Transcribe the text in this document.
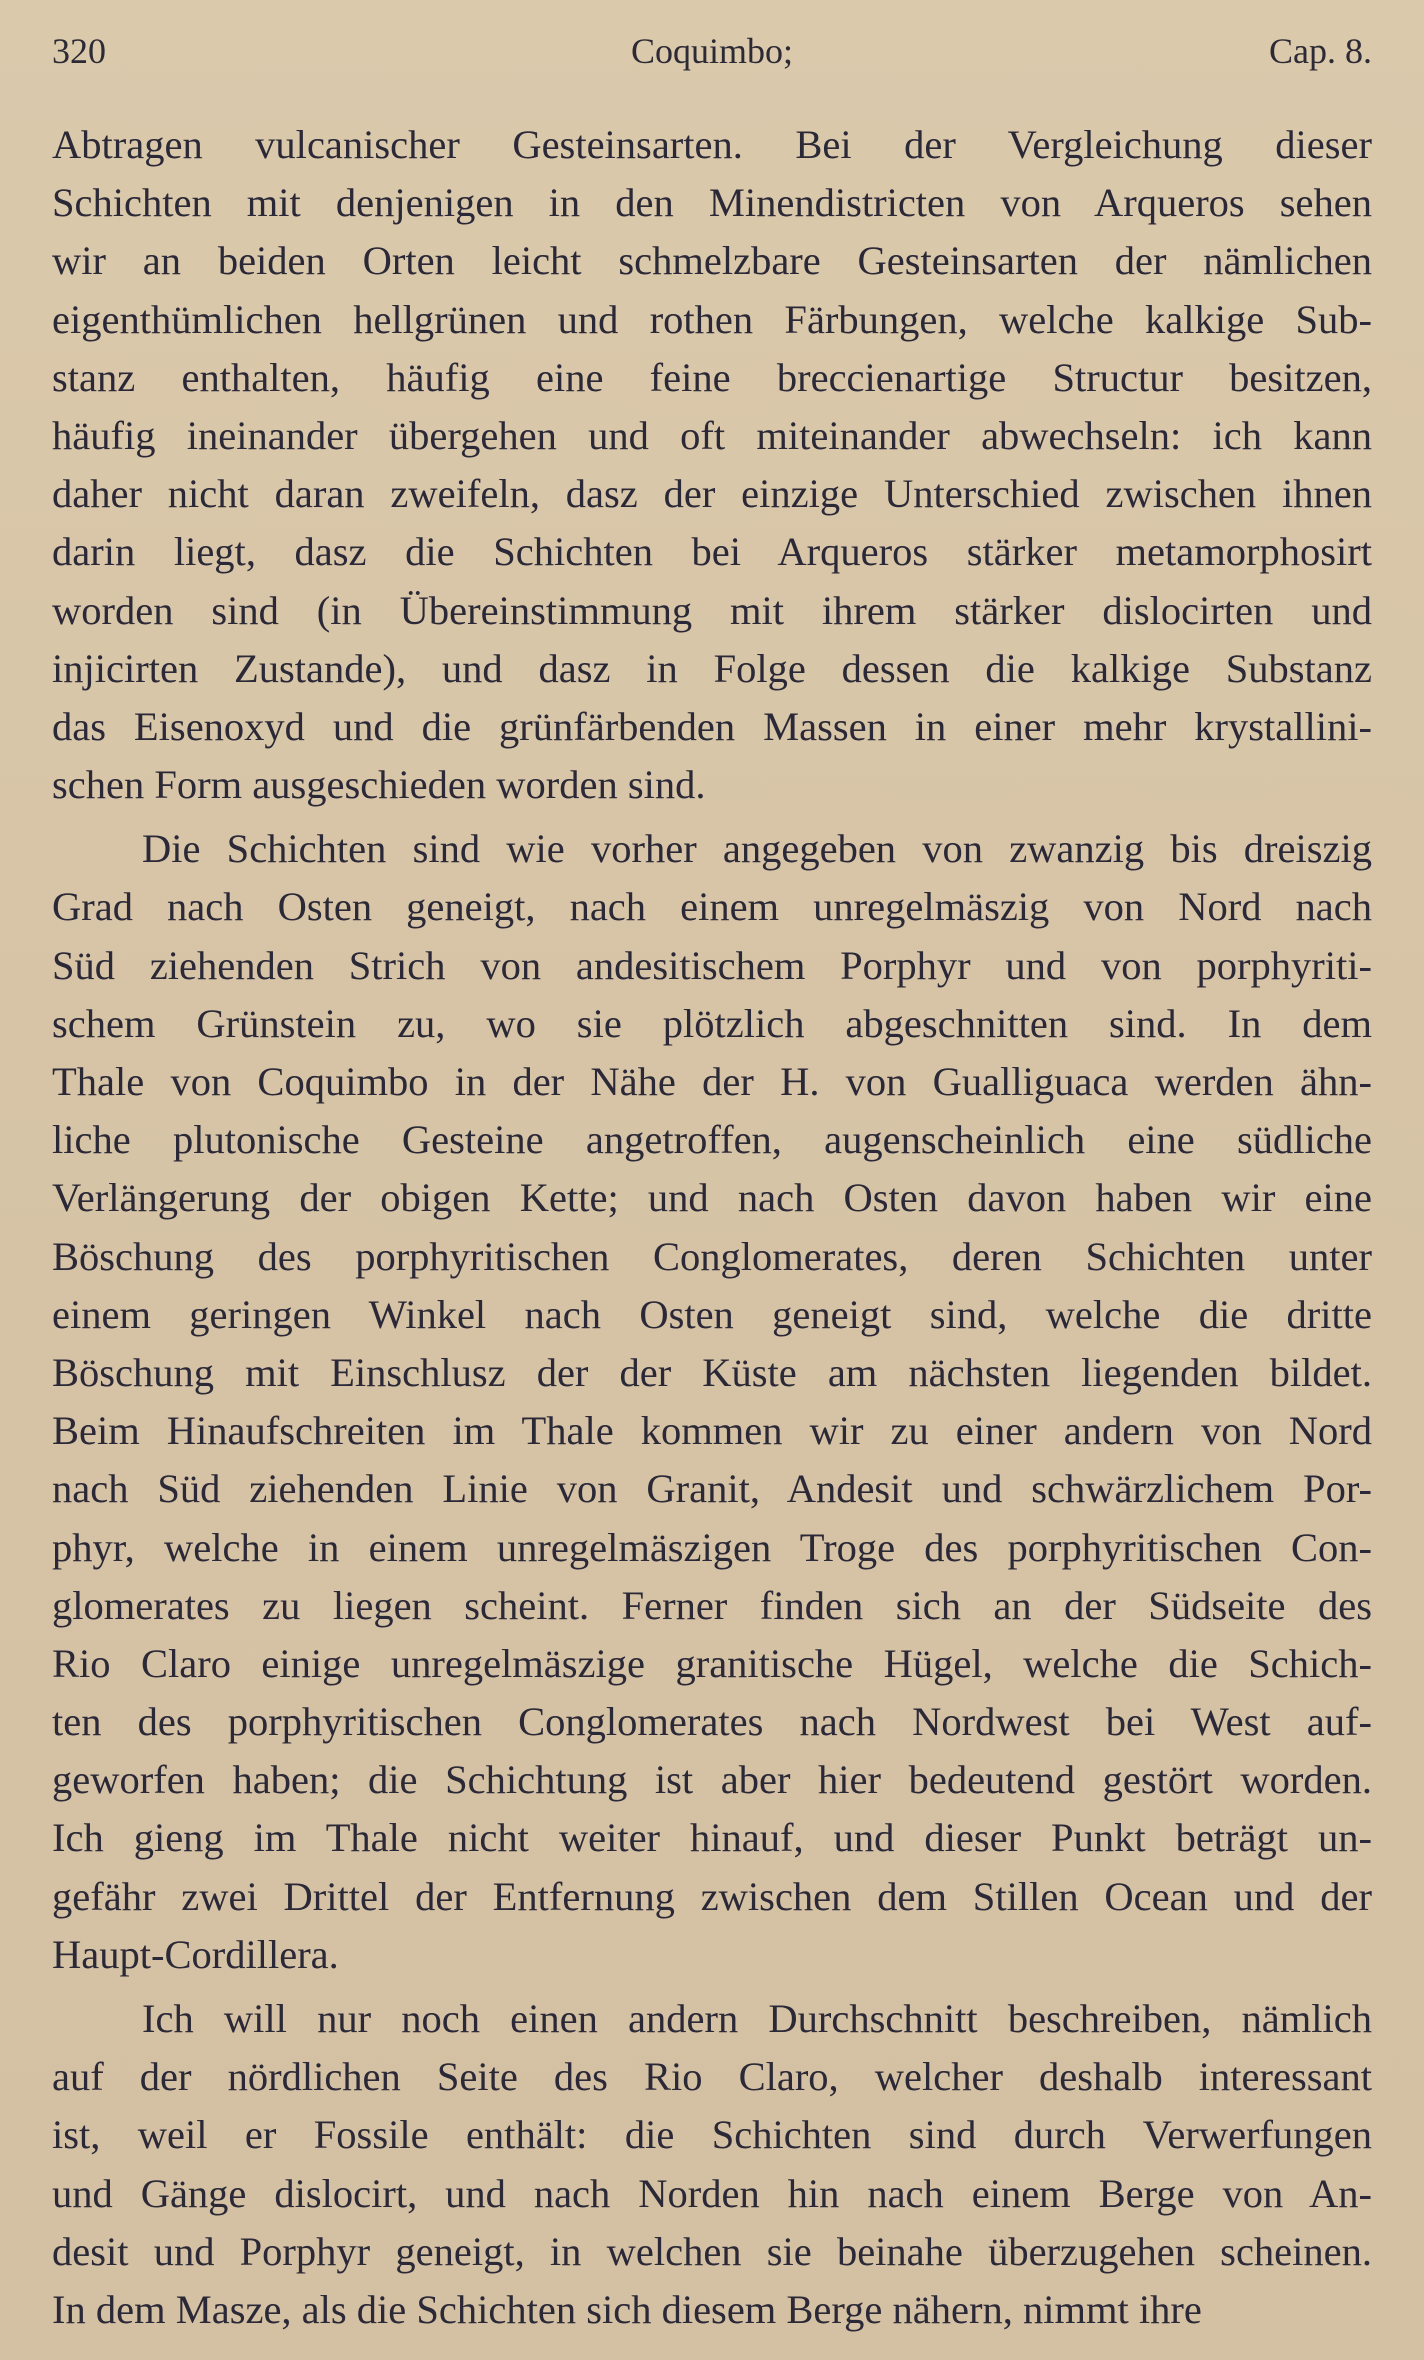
320	Coquimbo;	Cap. 8.
Abtragen vulcanischer Gesteinsarten. Bei der Vergleichung dieser
Schichten mit denjenigen in den Minendistricten von Arqueros sehen
wir an beiden Orten leicht schmelzbare Gesteinsarten der nämlichen
eigenthümlichen hellgrünen und rothen Färbungen, welche kalkige Sub-
stanz enthalten, häufig eine feine breccienartige Structur besitzen,
häufig ineinander übergehen und oft miteinander abwechseln: ich kann
daher nicht daran zweifeln, dasz der einzige Unterschied zwischen ihnen
darin liegt, dasz die Schichten bei Arqueros stärker metamorphosirt
worden sind (in Übereinstimmung mit ihrem stärker dislocirten und
injicirten Zustande), und dasz in Folge dessen die kalkige Substanz
das Eisenoxyd und die grünfärbenden Massen in einer mehr krystallini-
schen Form ausgeschieden worden sind.
Die Schichten sind wie vorher angegeben von zwanzig bis dreiszig
Grad nach Osten geneigt, nach einem unregelmäszig von Nord nach
Süd ziehenden Strich von andesitischem Porphyr und von porphyriti-
schem Grünstein zu, wo sie plötzlich abgeschnitten sind. In dem
Thale von Coquimbo in der Nähe der H. von Gualliguaca werden ähn-
liche plutonische Gesteine angetroffen, augenscheinlich eine südliche
Verlängerung der obigen Kette; und nach Osten davon haben wir eine
Böschung des porphyritischen Conglomerates, deren Schichten unter
einem geringen Winkel nach Osten geneigt sind, welche die dritte
Böschung mit Einschlusz der der Küste am nächsten liegenden bildet.
Beim Hinaufschreiten im Thale kommen wir zu einer andern von Nord
nach Süd ziehenden Linie von Granit, Andesit und schwärzlichem Por-
phyr, welche in einem unregelmäszigen Troge des porphyritischen Con-
glomerates zu liegen scheint. Ferner finden sich an der Südseite des
Rio Claro einige unregelmäszige granitische Hügel, welche die Schich-
ten des porphyritischen Conglomerates nach Nordwest bei West auf-
geworfen haben; die Schichtung ist aber hier bedeutend gestört worden.
Ich gieng im Thale nicht weiter hinauf, und dieser Punkt beträgt un-
gefähr zwei Drittel der Entfernung zwischen dem Stillen Ocean und der
Haupt-Cordillera.
Ich will nur noch einen andern Durchschnitt beschreiben, nämlich
auf der nördlichen Seite des Rio Claro, welcher deshalb interessant
ist, weil er Fossile enthält: die Schichten sind durch Verwerfungen
und Gänge dislocirt, und nach Norden hin nach einem Berge von An-
desit und Porphyr geneigt, in welchen sie beinahe überzugehen scheinen.
In dem Masze, als die Schichten sich diesem Berge nähern, nimmt ihre
